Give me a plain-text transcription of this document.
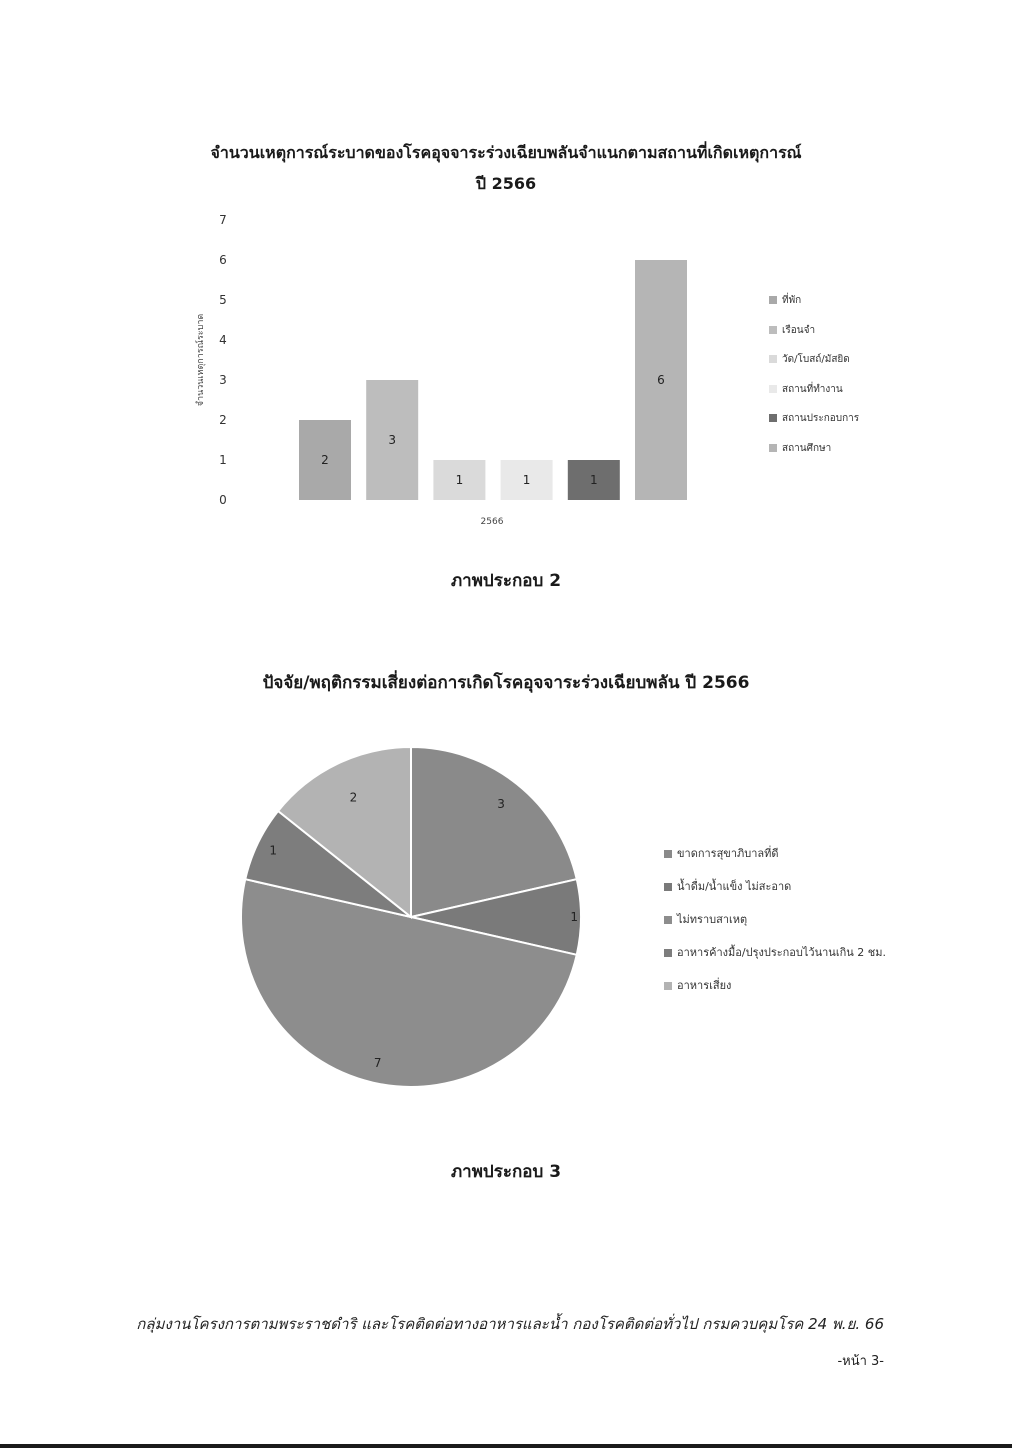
จำนวนเหตุการณ์ระบาดของโรคอุจจาระร่วงเฉียบพลันจำแนกตามสถานที่เกิดเหตุการณ์
ปี 2566
0
1
2
3
4
5
6
7
2
3
1	1	1
6
2566
จำนวนเหตุการณ์ระบาด
ที่พัก
เรือนจำ
วัด/โบสถ์/มัสยิด
สถานที่ทำงาน
สถานประกอบการ
สถานศึกษา
ภาพประกอบ 2
ปัจจัย/พฤติกรรมเสี่ยงต่อการเกิดโรคอุจจาระร่วงเฉียบพลัน ปี 2566
3
1
7
1
2
ขาดการสุขาภิบาลที่ดี
น้ำดื่ม/น้ำแข็ง ไม่สะอาด
ไม่ทราบสาเหตุ
อาหารค้างมื้อ/ปรุงประกอบไว้นานเกิน 2 ชม.
อาหารเสี่ยง
ภาพประกอบ 3
กลุ่มงานโครงการตามพระราชดำริ และโรคติดต่อทางอาหารและน้ำ กองโรคติดต่อทั่วไป กรมควบคุมโรค 24 พ.ย. 66
-หน้า 3-
